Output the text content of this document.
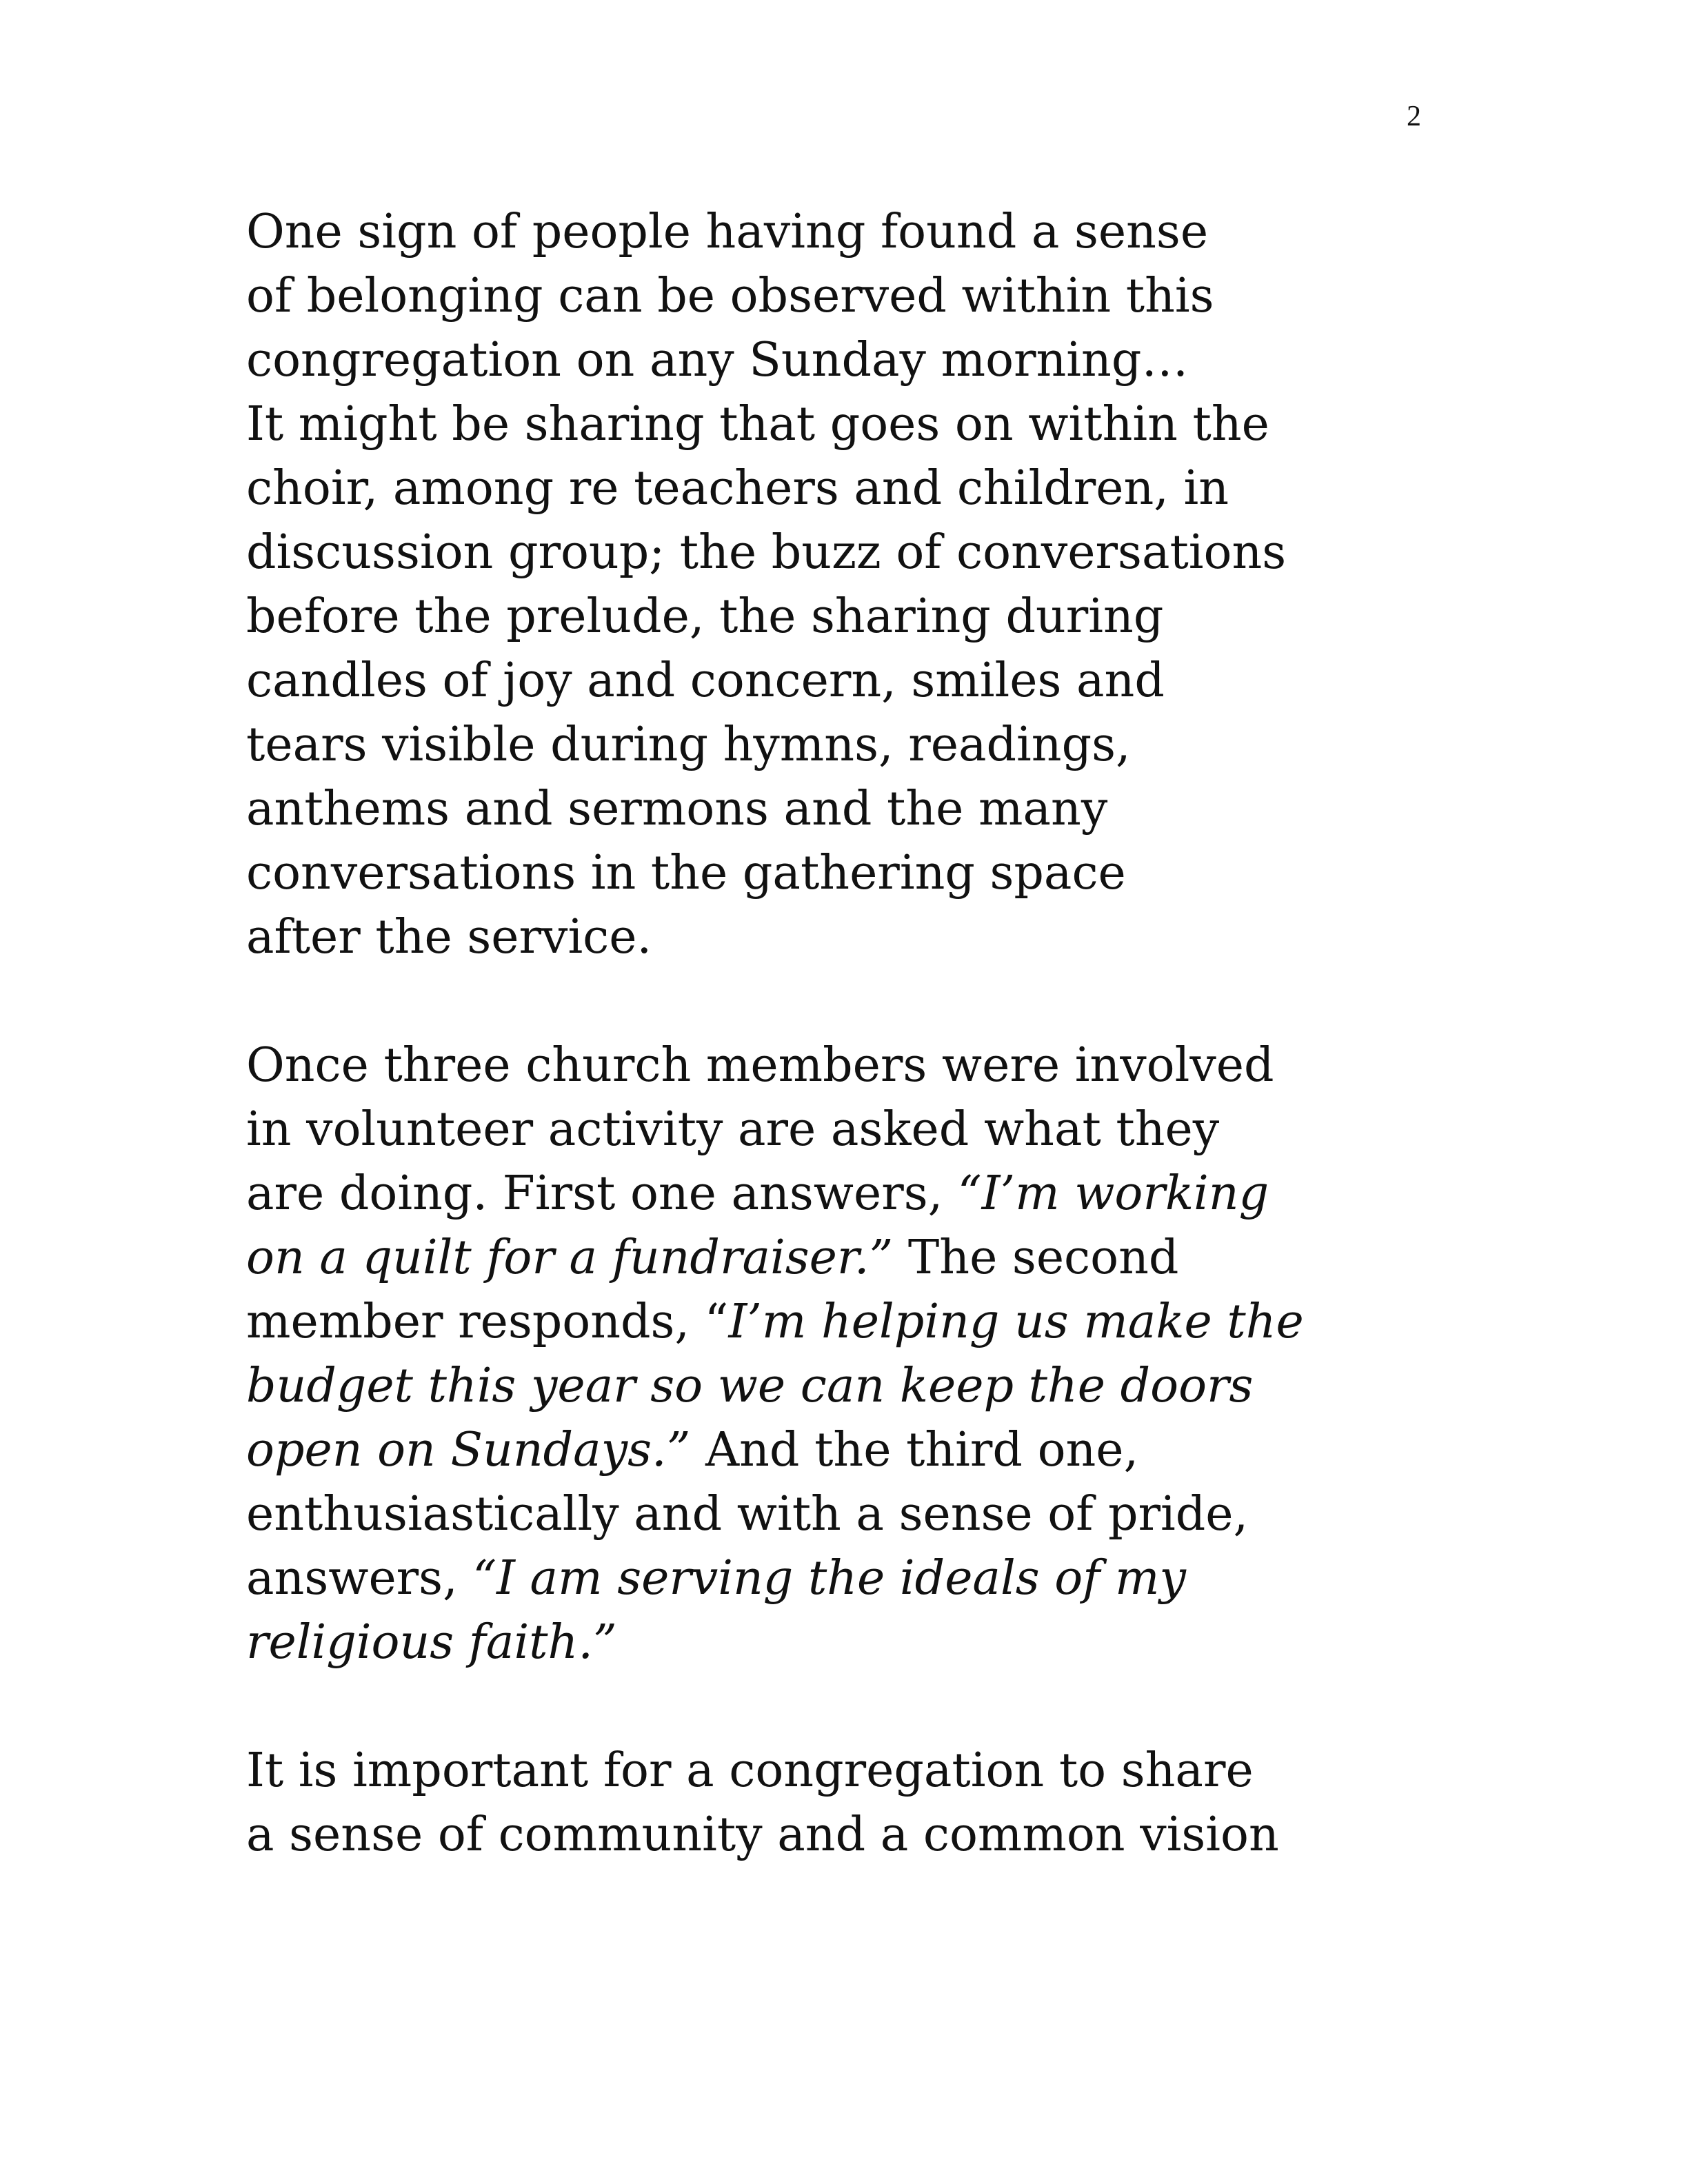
2
One sign of people having found a sense
of belonging can be observed within this
congregation on any Sunday morning…
It might be sharing that goes on within the
choir, among re teachers and children, in
discussion group; the buzz of conversations
before the prelude, the sharing during
candles of joy and concern, smiles and
tears visible during hymns, readings,
anthems and sermons and the many
conversations in the gathering space
after the service.
Once three church members were involved
in volunteer activity are asked what they
are doing. First one answers, “I’m working
on a quilt for a fundraiser.” The second
member responds, “I’m helping us make the
budget this year so we can keep the doors
open on Sundays.” And the third one,
enthusiastically and with a sense of pride,
answers, “I am serving the ideals of my
religious faith.”
It is important for a congregation to share
a sense of community and a common vision
